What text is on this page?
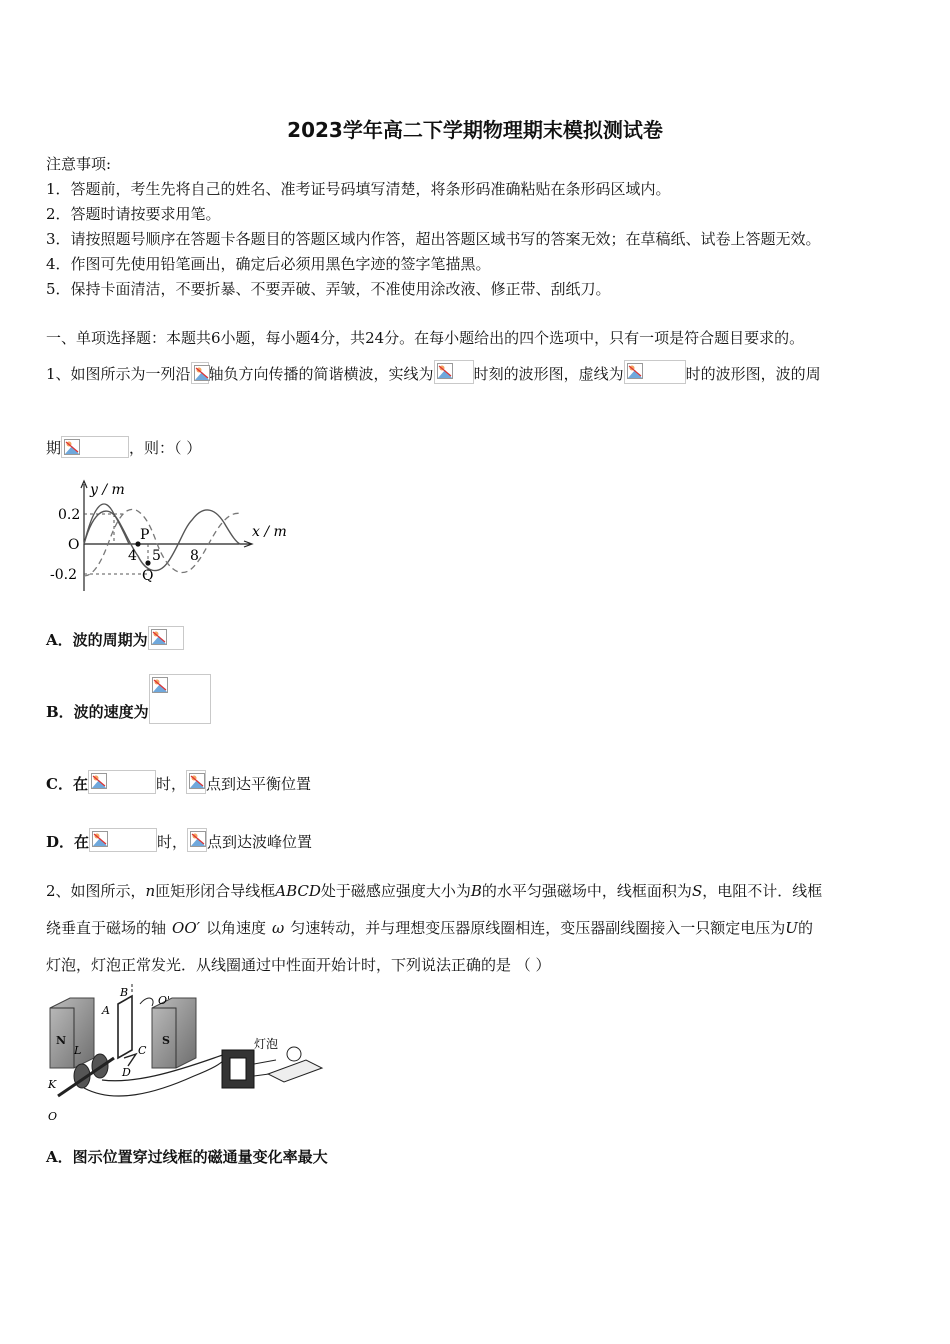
2023学年高二下学期物理期末模拟测试卷
注意事项:
1．答题前，考生先将自己的姓名、准考证号码填写清楚，将条形码准确粘贴在条形码区域内。
2．答题时请按要求用笔。
3．请按照题号顺序在答题卡各题目的答题区域内作答，超出答题区域书写的答案无效；在草稿纸、试卷上答题无效。
4．作图可先使用铅笔画出，确定后必须用黑色字迹的签字笔描黑。
5．保持卡面清洁，不要折暴、不要弄破、弄皱，不准使用涂改液、修正带、刮纸刀。
一、单项选择题：本题共6小题，每小题4分，共24分。在每小题给出的四个选项中，只有一项是符合题目要求的。
1、如图所示为一列沿 轴负方向传播的简谐横波，实线为	时刻的波形图，虚线为	时的波形图，波的周
期	，则：（ ）
y / m
x / m
0.2
O
-0.2
4 5 8
P
Q
A．波的周期为
B．波的速度为
C．在	时， 点到达平衡位置
D．在	时， 点到达波峰位置
2、如图所示，n匝矩形闭合导线框ABCD处于磁感应强度大小为B的水平匀强磁场中，线框面积为S，电阻不计．线框
绕垂直于磁场的轴 OO′ 以角速度 ω 匀速转动，并与理想变压器原线圈相连，变压器副线圈接入一只额定电压为U的
灯泡，灯泡正常发光．从线圈通过中性面开始计时，下列说法正确的是 （ ）
灯泡
B
O'
A
N	S
C
L
D
K
O
A．图示位置穿过线框的磁通量变化率最大
